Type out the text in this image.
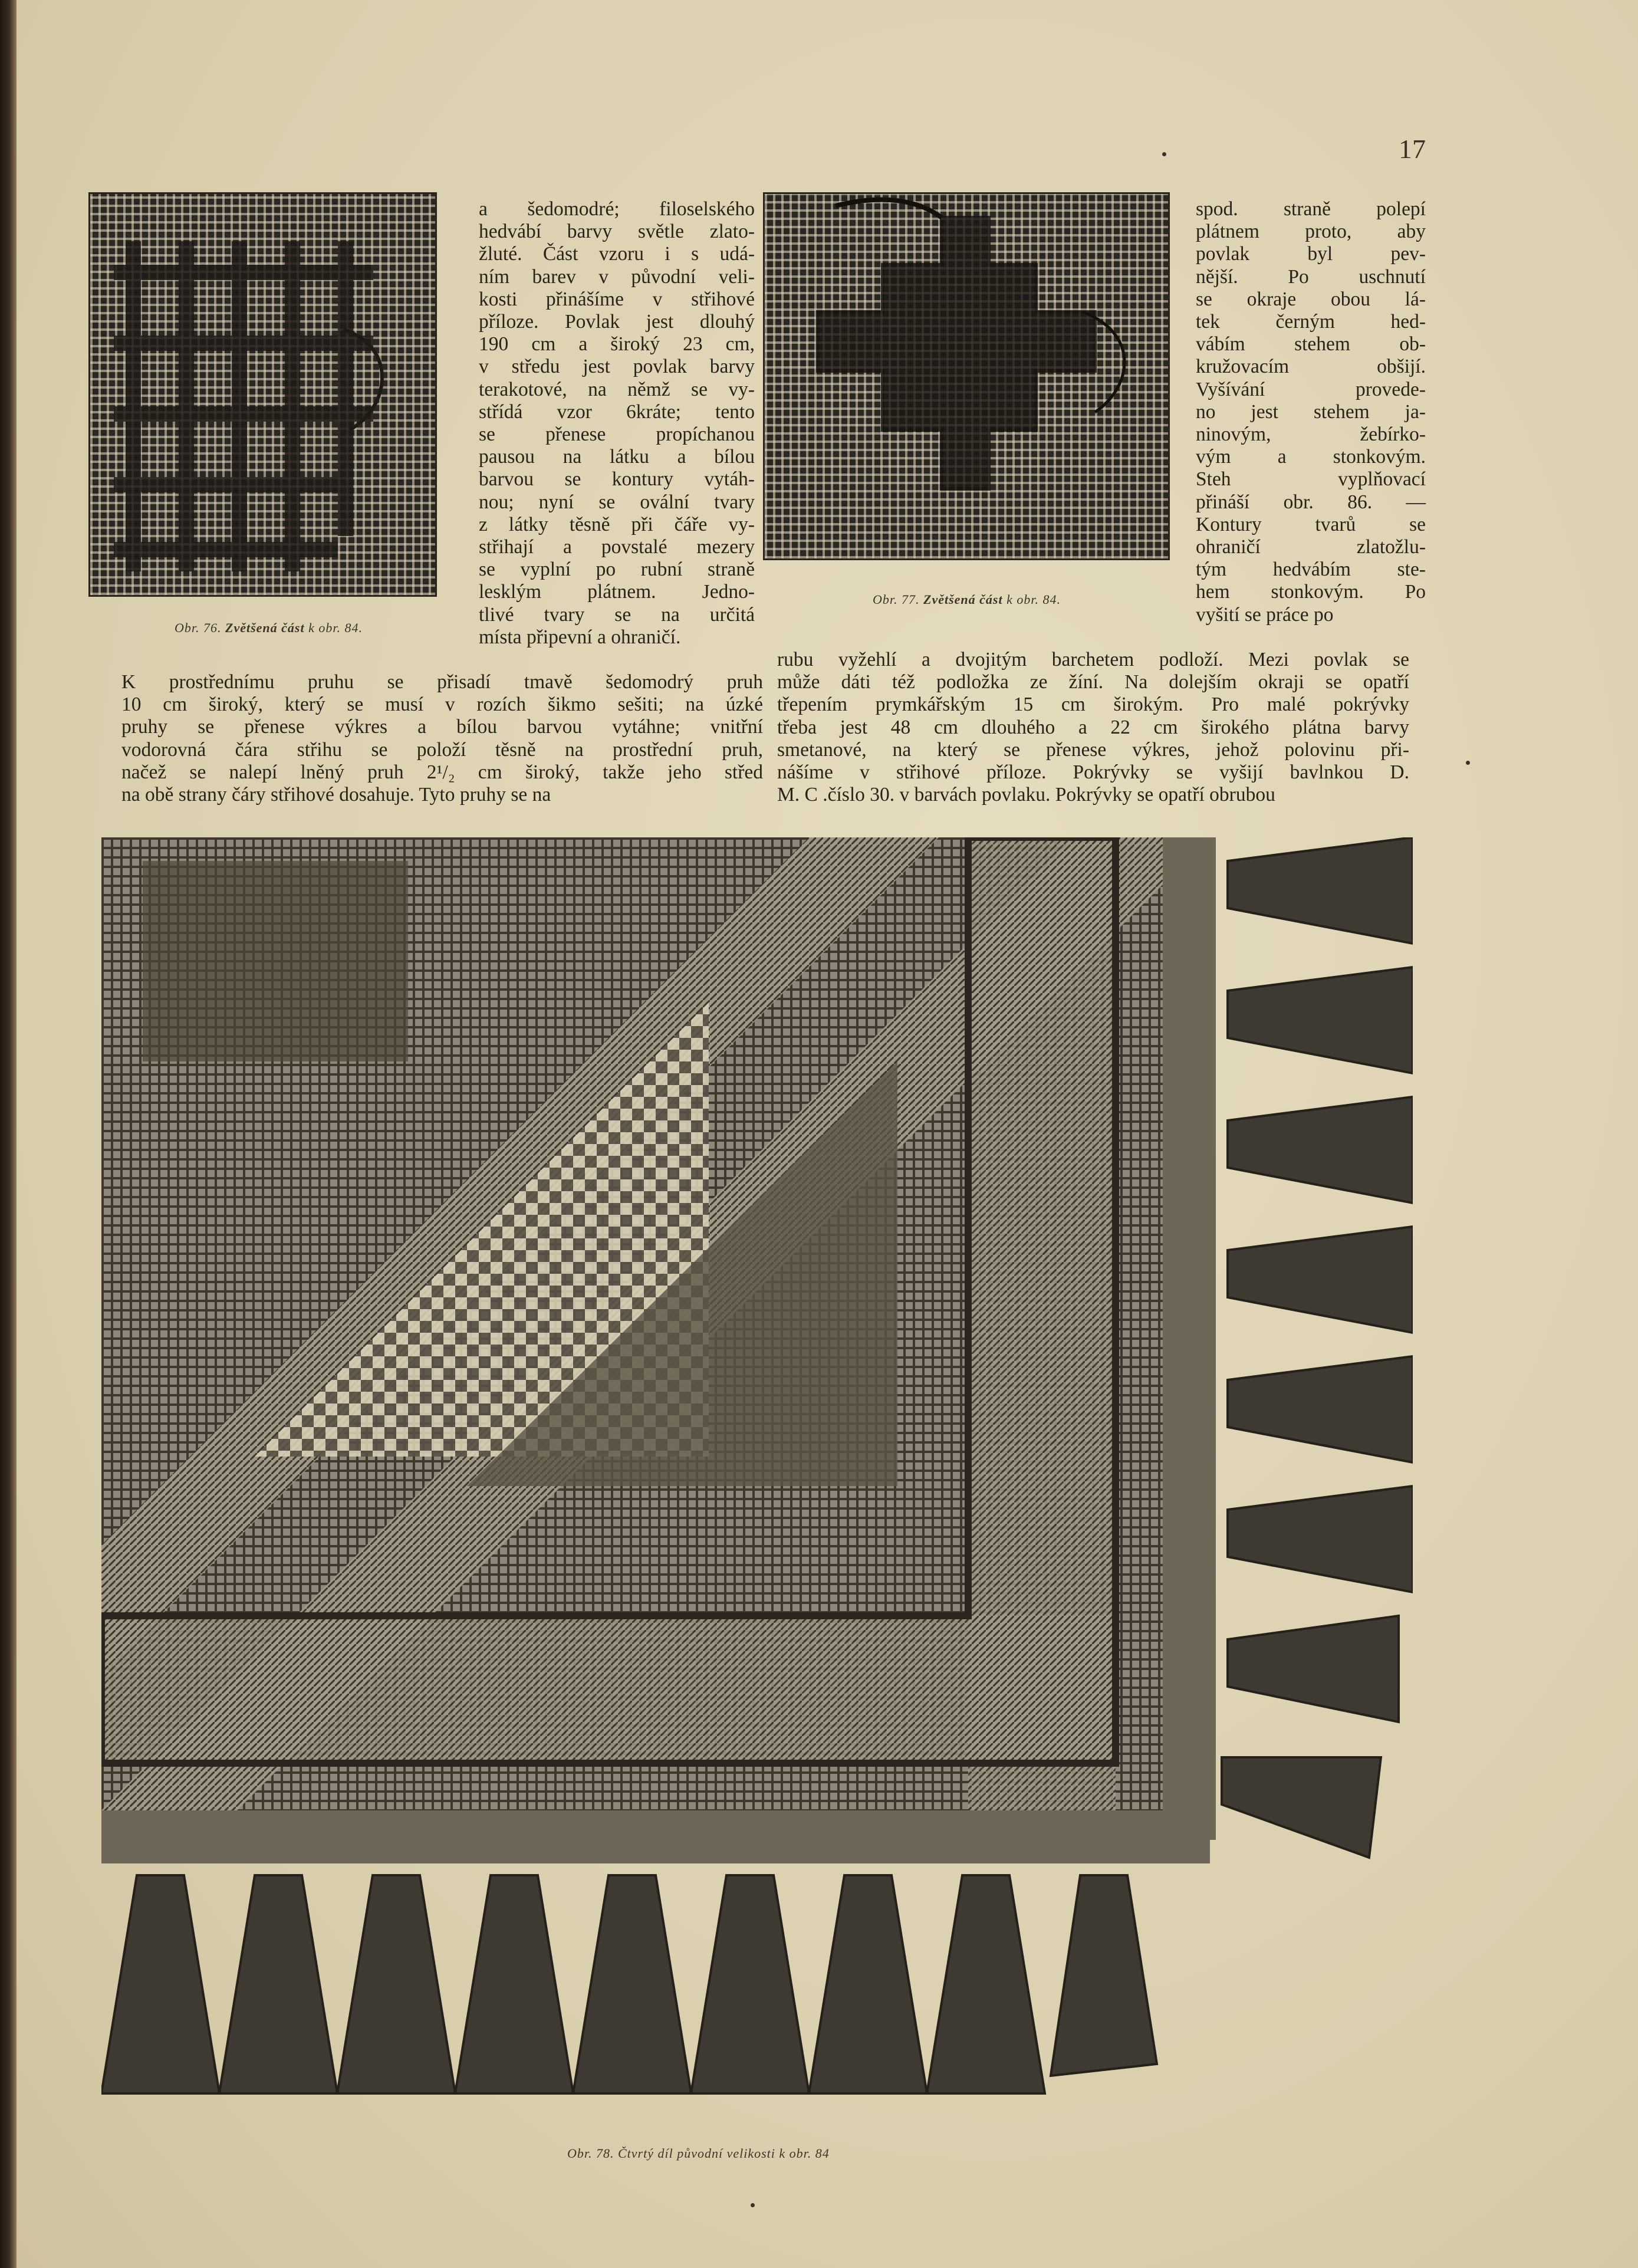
17
Obr. 76. Zvětšená část k obr. 84.
a šedomodré; filoselského
hedvábí barvy světle zlato-
žluté. Část vzoru i s udá-
ním barev v původní veli-
kosti přinášíme v střihové
příloze. Povlak jest dlouhý
190 cm a široký 23 cm,
v středu jest povlak barvy
terakotové, na němž se vy-
střídá vzor 6kráte; tento
se přenese propíchanou
pausou na látku a bílou
barvou se kontury vytáh-
nou; nyní se ovální tvary
z látky těsně při čáře vy-
střihají a povstalé mezery
se vyplní po rubní straně
lesklým plátnem. Jedno-
tlivé tvary se na určitá
místa připevní a ohraničí.
Obr. 77. Zvětšená část k obr. 84.
spod. straně polepí
plátnem proto, aby
povlak byl pev-
nější. Po uschnutí
se okraje obou lá-
tek černým hed-
vábím stehem ob-
kružovacím obšijí.
Vyšívání provede-
no jest stehem ja-
ninovým, žebírko-
vým a stonkovým.
Steh vyplňovací
přináší obr. 86. —
Kontury tvarů se
ohraničí zlatožlu-
tým hedvábím ste-
hem stonkovým. Po
vyšití se práce po
K prostřednímu pruhu se přisadí tmavě šedomodrý pruh
10 cm široký, který se musí v rozích šikmo sešiti; na úzké
pruhy se přenese výkres a bílou barvou vytáhne; vnitřní
vodorovná čára střihu se položí těsně na prostřední pruh,
načež se nalepí lněný pruh 2¹/₂ cm široký, takže jeho střed
na obě strany čáry střihové dosahuje. Tyto pruhy se na
rubu vyžehlí a dvojitým barchetem podloží. Mezi povlak se
může dáti též podložka ze žíní. Na dolejším okraji se opatří
třepením prymkářským 15 cm širokým. Pro malé pokrývky
třeba jest 48 cm dlouhého a 22 cm širokého plátna barvy
smetanové, na který se přenese výkres, jehož polovinu při-
nášíme v střihové příloze. Pokrývky se vyšijí bavlnkou D.
M. C .číslo 30. v barvách povlaku. Pokrývky se opatří obrubou
Obr. 78. Čtvrtý díl původní velikosti k obr. 84
